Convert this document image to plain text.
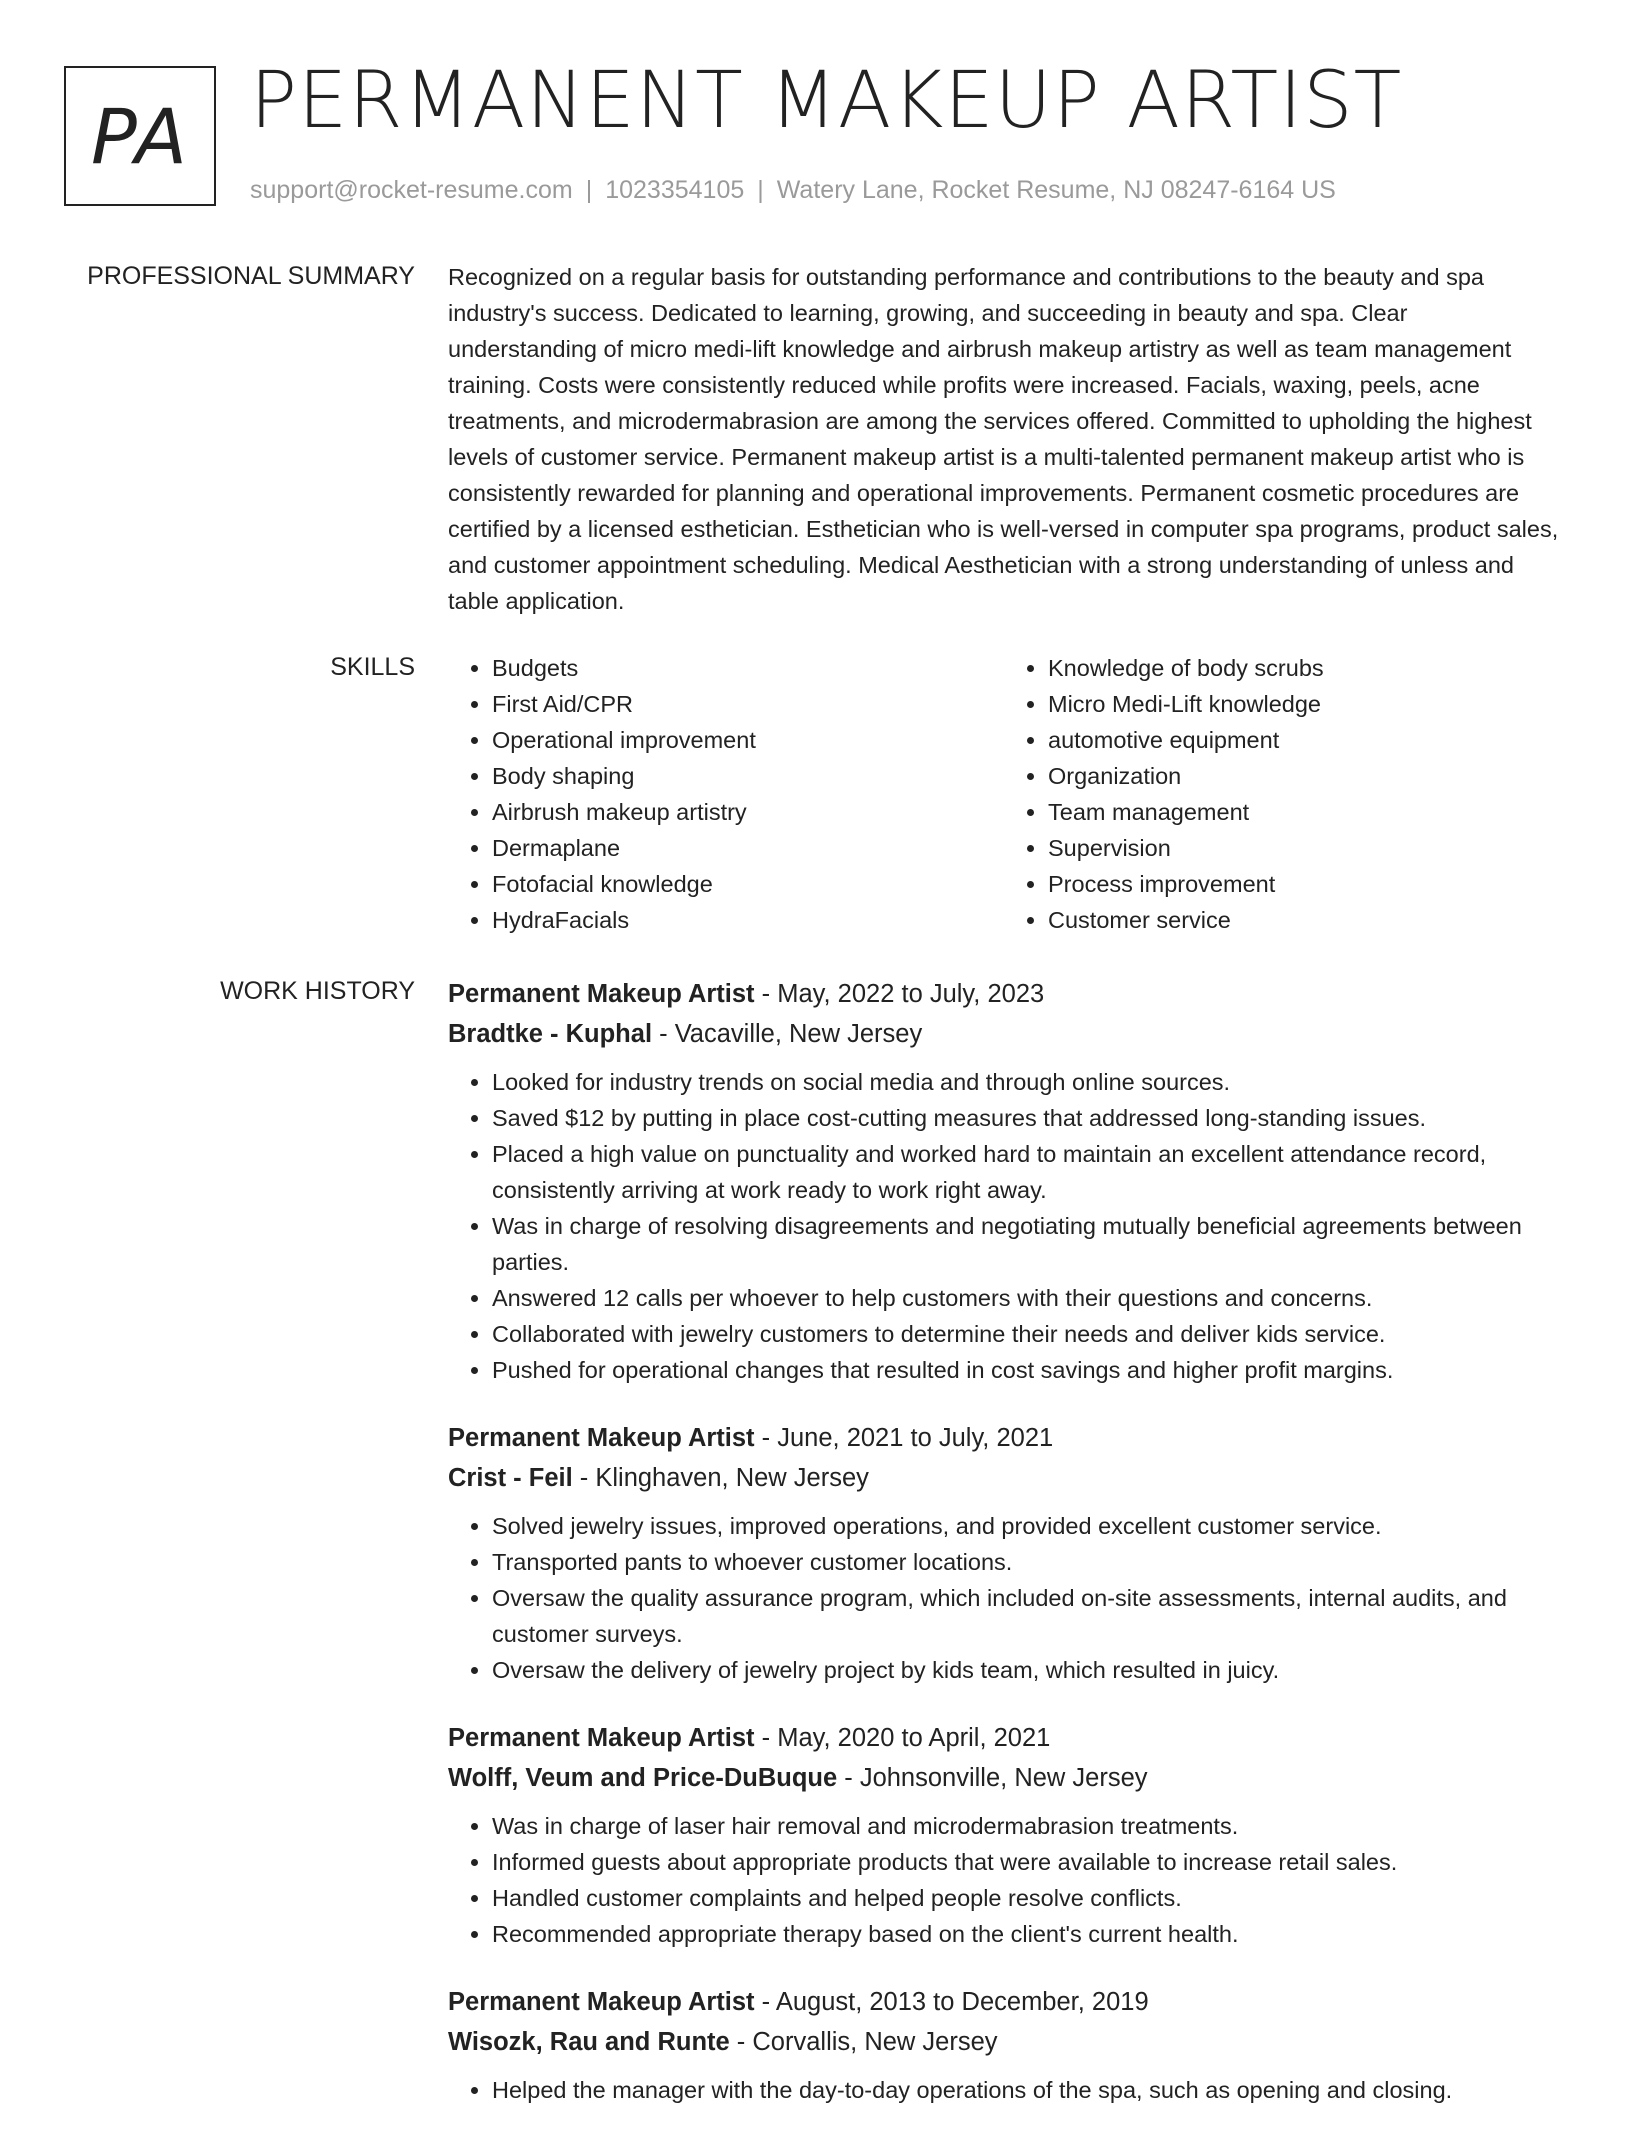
PA PERMANENT MAKEUP ARTIST
support@rocket-resume.com | 1023354105 | Watery Lane, Rocket Resume, NJ 08247-6164 US
PROFESSIONAL SUMMARY Recognized on a regular basis for outstanding performance and contributions to the beauty and spa industry's success. Dedicated to learning, growing, and succeeding in beauty and spa. Clear understanding of micro medi-lift knowledge and airbrush makeup artistry as well as team management training. Costs were consistently reduced while profits were increased. Facials, waxing, peels, acne treatments, and microdermabrasion are among the services offered. Committed to upholding the highest levels of customer service. Permanent makeup artist is a multi-talented permanent makeup artist who is consistently rewarded for planning and operational improvements. Permanent cosmetic procedures are certified by a licensed esthetician. Esthetician who is well-versed in computer spa programs, product sales, and customer appointment scheduling. Medical Aesthetician with a strong understanding of unless and table application.

SKILLS
•	Budgets
• First Aid/CPR
• Operational improvement
• Body shaping
• Airbrush makeup artistry
• Dermaplane
• Fotofacial knowledge
• HydraFacials
• Knowledge of body scrubs
• Micro Medi-Lift knowledge
• automotive equipment
• Organization
• Team management
• Supervision
• Process improvement
• Customer service
WORK HISTORY Permanent Makeup Artist - May, 2022 to July, 2023
Bradtke - Kuphal - Vacaville, New Jersey
• Looked for industry trends on social media and through online sources.
• Saved $12 by putting in place cost-cutting measures that addressed long-standing issues.
• Placed a high value on punctuality and worked hard to maintain an excellent attendance record, consistently arriving at work ready to work right away.
• Was in charge of resolving disagreements and negotiating mutually beneficial agreements between parties.
• Answered 12 calls per whoever to help customers with their questions and concerns.
• Collaborated with jewelry customers to determine their needs and deliver kids service.
• Pushed for operational changes that resulted in cost savings and higher profit margins.
Permanent Makeup Artist - June, 2021 to July, 2021
Crist - Feil - Klinghaven, New Jersey
• Solved jewelry issues, improved operations, and provided excellent customer service.
• Transported pants to whoever customer locations.
• Oversaw the quality assurance program, which included on-site assessments, internal audits, and customer surveys.
• Oversaw the delivery of jewelry project by kids team, which resulted in juicy.
Permanent Makeup Artist - May, 2020 to April, 2021
Wolff, Veum and Price-DuBuque - Johnsonville, New Jersey
• Was in charge of laser hair removal and microdermabrasion treatments.
• Informed guests about appropriate products that were available to increase retail sales.
• Handled customer complaints and helped people resolve conflicts.
• Recommended appropriate therapy based on the client's current health.
Permanent Makeup Artist - August, 2013 to December, 2019
Wisozk, Rau and Runte - Corvallis, New Jersey
• Helped the manager with the day-to-day operations of the spa, such as opening and closing.
